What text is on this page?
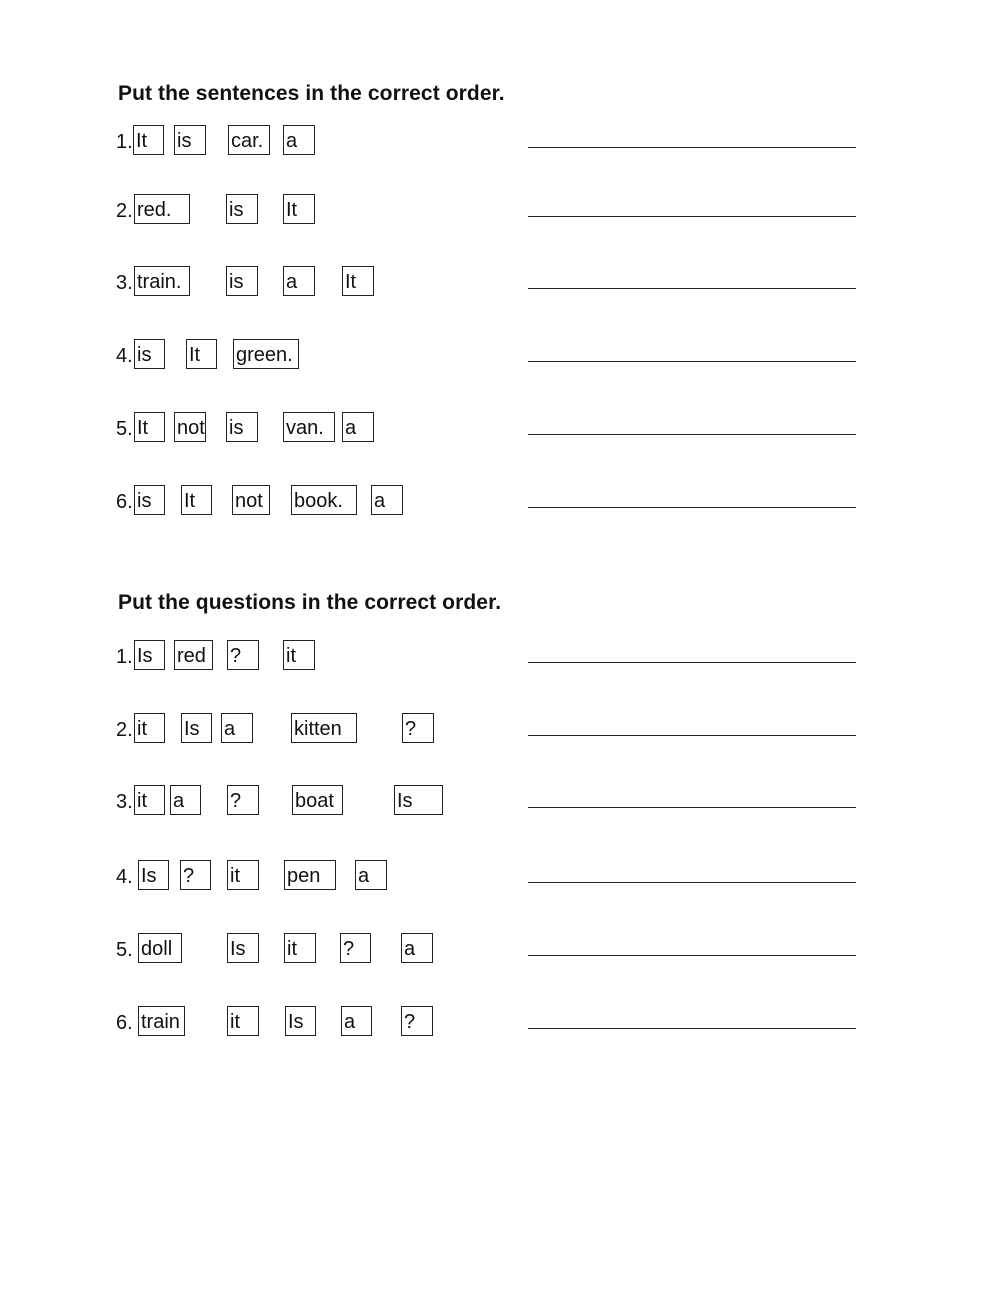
Put the sentences in the correct order.
1. It	is	car.	a
2. red.	is	It
3. train.	is	a	It
4. is	It	green.
5. It	not is	van.	a
6. is	It	not	book.	a
Put the questions in the correct order.
1. Is	red	?	it
2. it	Is	a	kitten	?
3. it	a	?	boat	Is
4. Is	?	it	pen	a
5. doll	Is	it	?	a
6. train	it	Is	a	?
